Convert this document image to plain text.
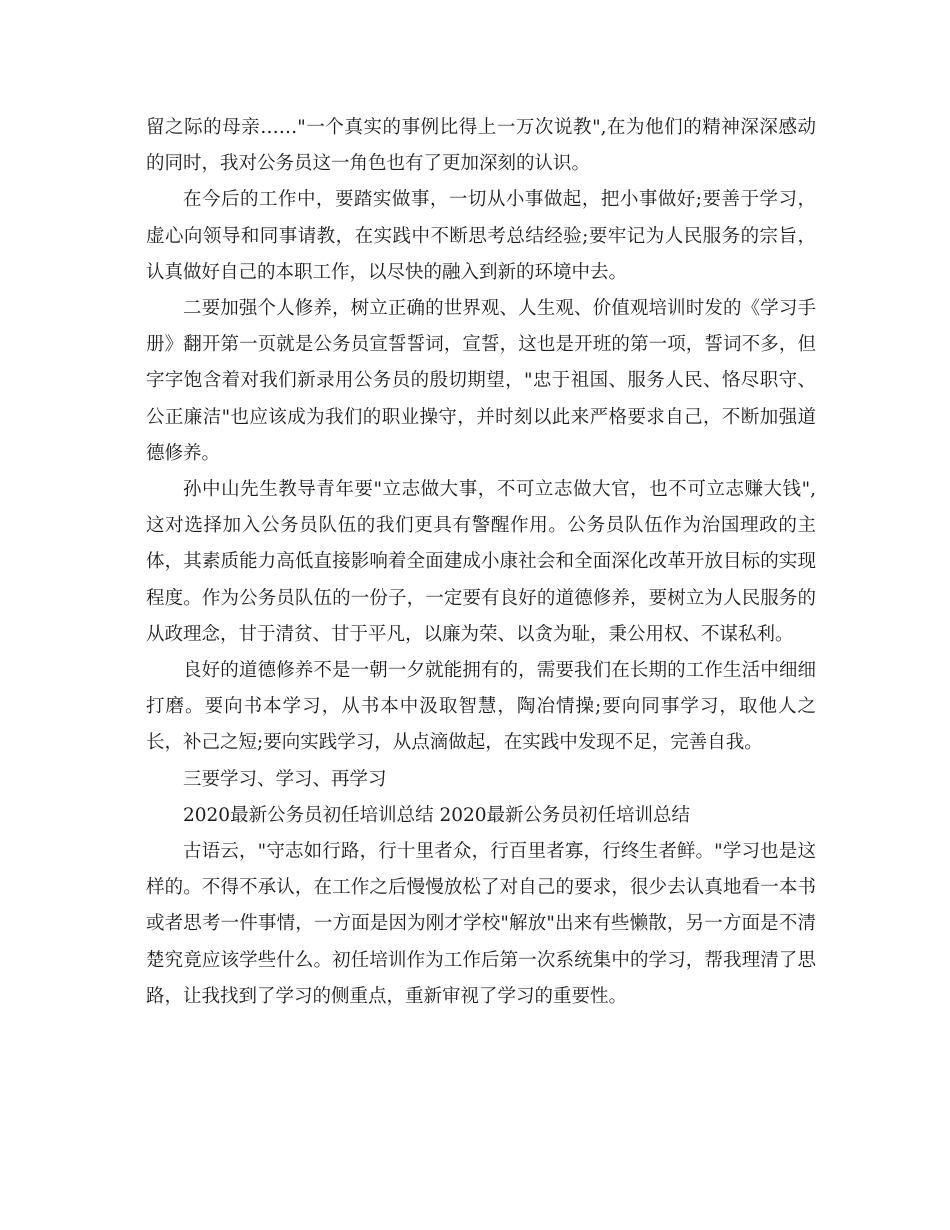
留之际的母亲……"一个真实的事例比得上一万次说教",在为他们的精神深深感动的同时，我对公务员这一角色也有了更加深刻的认识。

在今后的工作中，要踏实做事，一切从小事做起，把小事做好;要善于学习，虚心向领导和同事请教，在实践中不断思考总结经验;要牢记为人民服务的宗旨，认真做好自己的本职工作，以尽快的融入到新的环境中去。

二要加强个人修养，树立正确的世界观、人生观、价值观培训时发的《学习手册》翻开第一页就是公务员宣誓誓词，宣誓，这也是开班的第一项，誓词不多，但字字饱含着对我们新录用公务员的殷切期望，"忠于祖国、服务人民、恪尽职守、公正廉洁"也应该成为我们的职业操守，并时刻以此来严格要求自己，不断加强道德修养。

孙中山先生教导青年要"立志做大事，不可立志做大官，也不可立志赚大钱",这对选择加入公务员队伍的我们更具有警醒作用。公务员队伍作为治国理政的主体，其素质能力高低直接影响着全面建成小康社会和全面深化改革开放目标的实现程度。作为公务员队伍的一份子，一定要有良好的道德修养，要树立为人民服务的从政理念，甘于清贫、甘于平凡，以廉为荣、以贪为耻，秉公用权、不谋私利。

良好的道德修养不是一朝一夕就能拥有的，需要我们在长期的工作生活中细细打磨。要向书本学习，从书本中汲取智慧，陶冶情操;要向同事学习，取他人之长，补己之短;要向实践学习，从点滴做起，在实践中发现不足，完善自我。

三要学习、学习、再学习

2020最新公务员初任培训总结 2020最新公务员初任培训总结

古语云，"守志如行路，行十里者众，行百里者寡，行终生者鲜。"学习也是这样的。不得不承认，在工作之后慢慢放松了对自己的要求，很少去认真地看一本书或者思考一件事情，一方面是因为刚才学校"解放"出来有些懒散，另一方面是不清楚究竟应该学些什么。初任培训作为工作后第一次系统集中的学习，帮我理清了思路，让我找到了学习的侧重点，重新审视了学习的重要性。
